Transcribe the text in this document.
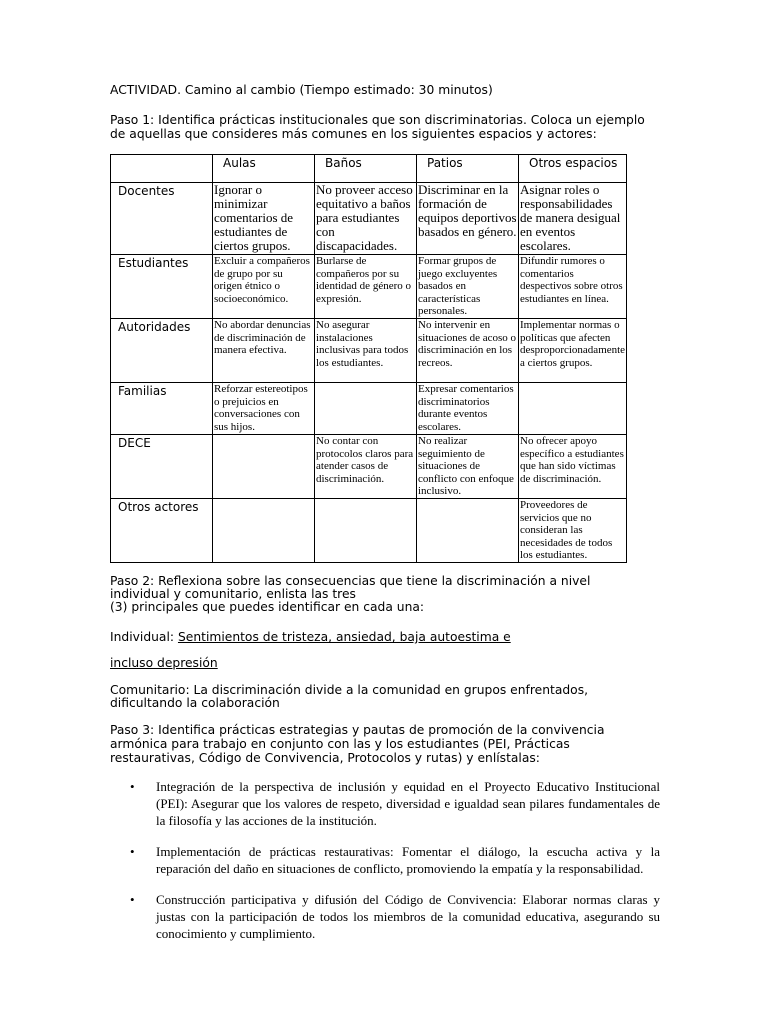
ACTIVIDAD. Camino al cambio (Tiempo estimado: 30 minutos)

Paso 1: Identifica prácticas institucionales que son discriminatorias. Coloca un ejemplo de aquellas que consideres más comunes en los siguientes espacios y actores:

	Aulas	Baños	Patios	Otros espacios
Docentes	Ignorar o minimizar comentarios de estudiantes de ciertos grupos.	No proveer acceso equitativo a baños para estudiantes con discapacidades.	Discriminar en la formación de equipos deportivos basados en género.	Asignar roles o responsabilidades de manera desigual en eventos escolares.
Estudiantes	Excluir a compañeros de grupo por su origen étnico o socioeconómico.	Burlarse de compañeros por su identidad de género o expresión.	Formar grupos de juego excluyentes basados en características personales.	Difundir rumores o comentarios despectivos sobre otros estudiantes en línea.
Autoridades	No abordar denuncias de discriminación de manera efectiva.	No asegurar instalaciones inclusivas para todos los estudiantes.	No intervenir en situaciones de acoso o discriminación en los recreos.	Implementar normas o políticas que afecten desproporcionadamente a ciertos grupos.
Familias	Reforzar estereotipos o prejuicios en conversaciones con sus hijos.		Expresar comentarios discriminatorios durante eventos escolares.	
DECE		No contar con protocolos claros para atender casos de discriminación.	No realizar seguimiento de situaciones de conflicto con enfoque inclusivo.	No ofrecer apoyo específico a estudiantes que han sido víctimas de discriminación.
Otros actores				Proveedores de servicios que no consideran las necesidades de todos los estudiantes.
Paso 2: Reflexiona sobre las consecuencias que tiene la discriminación a nivel individual y comunitario, enlista las tres
(3) principales que puedes identificar en cada una:

Individual: Sentimientos de tristeza, ansiedad, baja autoestima e

incluso depresión

Comunitario: La discriminación divide a la comunidad en grupos enfrentados, dificultando la colaboración

Paso 3: Identifica prácticas estrategias y pautas de promoción de la convivencia armónica para trabajo en conjunto con las y los estudiantes (PEI, Prácticas restaurativas, Código de Convivencia, Protocolos y rutas) y enlístalas:

• Integración de la perspectiva de inclusión y equidad en el Proyecto Educativo Institucional (PEI): Asegurar que los valores de respeto, diversidad e igualdad sean pilares fundamentales de la filosofía y las acciones de la institución.
• Implementación de prácticas restaurativas: Fomentar el diálogo, la escucha activa y la reparación del daño en situaciones de conflicto, promoviendo la empatía y la responsabilidad.
• Construcción participativa y difusión del Código de Convivencia: Elaborar normas claras y justas con la participación de todos los miembros de la comunidad educativa, asegurando su conocimiento y cumplimiento.
